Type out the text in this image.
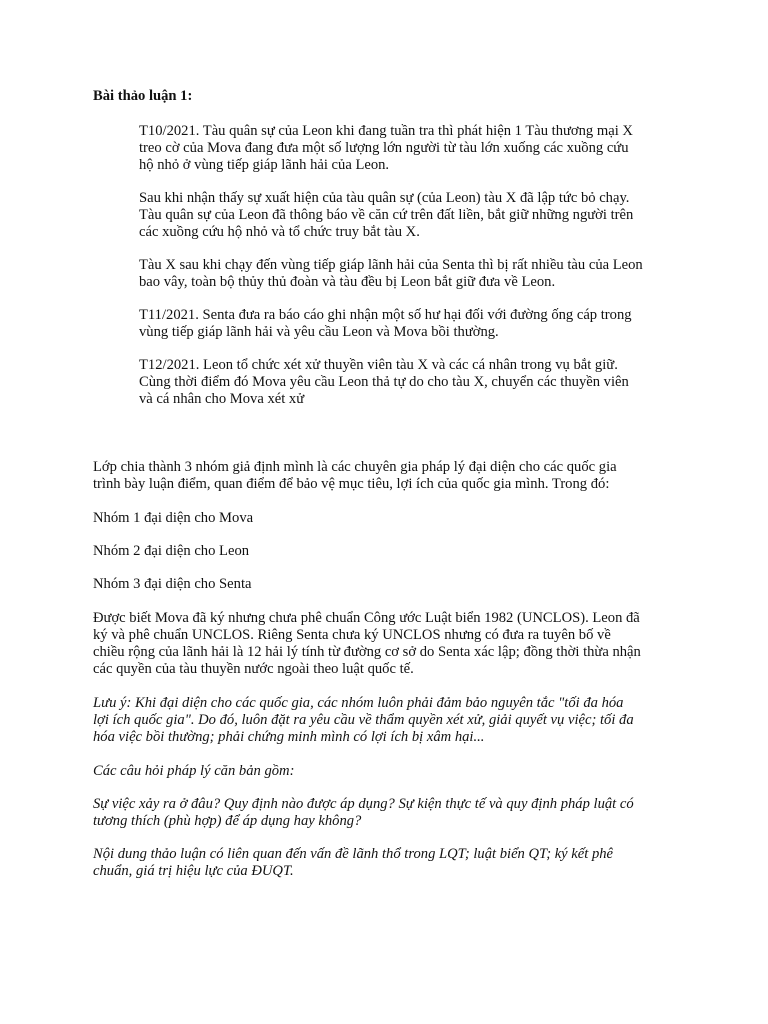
Bài thảo luận 1:
T10/2021. Tàu quân sự của Leon khi đang tuần tra thì phát hiện 1 Tàu thương mại X
treo cờ của Mova đang đưa một số lượng lớn người từ tàu lớn xuống các xuồng cứu
hộ nhỏ ở vùng tiếp giáp lãnh hải của Leon.
Sau khi nhận thấy sự xuất hiện của tàu quân sự (của Leon) tàu X đã lập tức bỏ chạy.
Tàu quân sự của Leon đã thông báo về căn cứ trên đất liền, bắt giữ những người trên
các xuồng cứu hộ nhỏ và tổ chức truy bắt tàu X.
Tàu X sau khi chạy đến vùng tiếp giáp lãnh hải của Senta thì bị rất nhiều tàu của Leon
bao vây, toàn bộ thủy thủ đoàn và tàu đều bị Leon bắt giữ đưa về Leon.
T11/2021. Senta đưa ra báo cáo ghi nhận một số hư hại đối với đường ống cáp trong
vùng tiếp giáp lãnh hải và yêu cầu Leon và Mova bồi thường.
T12/2021. Leon tổ chức xét xử thuyền viên tàu X và các cá nhân trong vụ bắt giữ.
Cùng thời điểm đó Mova yêu cầu Leon thả tự do cho tàu X, chuyển các thuyền viên
và cá nhân cho Mova xét xử
Lớp chia thành 3 nhóm giả định mình là các chuyên gia pháp lý đại diện cho các quốc gia
trình bày luận điểm, quan điểm để bảo vệ mục tiêu, lợi ích của quốc gia mình. Trong đó:
Nhóm 1 đại diện cho Mova
Nhóm 2 đại diện cho Leon
Nhóm 3 đại diện cho Senta
Được biết Mova đã ký nhưng chưa phê chuẩn Công ước Luật biển 1982 (UNCLOS). Leon đã
ký và phê chuẩn UNCLOS. Riêng Senta chưa ký UNCLOS nhưng có đưa ra tuyên bố về
chiều rộng của lãnh hải là 12 hải lý tính từ đường cơ sở do Senta xác lập; đồng thời thừa nhận
các quyền của tàu thuyền nước ngoài theo luật quốc tế.
Lưu ý: Khi đại diện cho các quốc gia, các nhóm luôn phải đảm bảo nguyên tắc "tối đa hóa
lợi ích quốc gia". Do đó, luôn đặt ra yêu cầu về thẩm quyền xét xử, giải quyết vụ việc; tối đa
hóa việc bồi thường; phải chứng minh mình có lợi ích bị xâm hại...
Các câu hỏi pháp lý căn bản gồm:
Sự việc xảy ra ở đâu? Quy định nào được áp dụng? Sự kiện thực tế và quy định pháp luật có
tương thích (phù hợp) để áp dụng hay không?
Nội dung thảo luận có liên quan đến vấn đề lãnh thổ trong LQT; luật biển QT; ký kết phê
chuẩn, giá trị hiệu lực của ĐUQT.
